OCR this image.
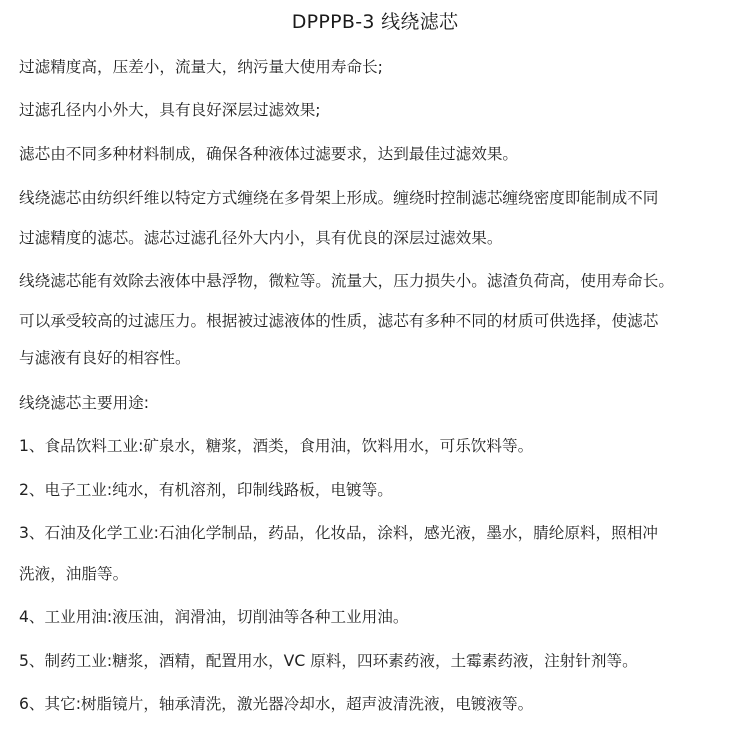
DPPPB-3 线绕滤芯
过滤精度高，压差小，流量大，纳污量大使用寿命长;
过滤孔径内小外大，具有良好深层过滤效果;
滤芯由不同多种材料制成，确保各种液体过滤要求，达到最佳过滤效果。
线绕滤芯由纺织纤维以特定方式缠绕在多骨架上形成。缠绕时控制滤芯缠绕密度即能制成不同
过滤精度的滤芯。滤芯过滤孔径外大内小，具有优良的深层过滤效果。
线绕滤芯能有效除去液体中悬浮物，微粒等。流量大，压力损失小。滤渣负荷高，使用寿命长。
可以承受较高的过滤压力。根据被过滤液体的性质，滤芯有多种不同的材质可供选择，使滤芯
与滤液有良好的相容性。
线绕滤芯主要用途:
1、食品饮料工业:矿泉水，糖浆，酒类，食用油，饮料用水，可乐饮料等。
2、电子工业:纯水，有机溶剂，印制线路板，电镀等。
3、石油及化学工业:石油化学制品，药品，化妆品，涂料，感光液，墨水，腈纶原料，照相冲
洗液，油脂等。
4、工业用油:液压油，润滑油，切削油等各种工业用油。
5、制药工业:糖浆，酒精，配置用水，VC 原料，四环素药液，土霉素药液，注射针剂等。
6、其它:树脂镜片，轴承清洗，激光器冷却水，超声波清洗液，电镀液等。
